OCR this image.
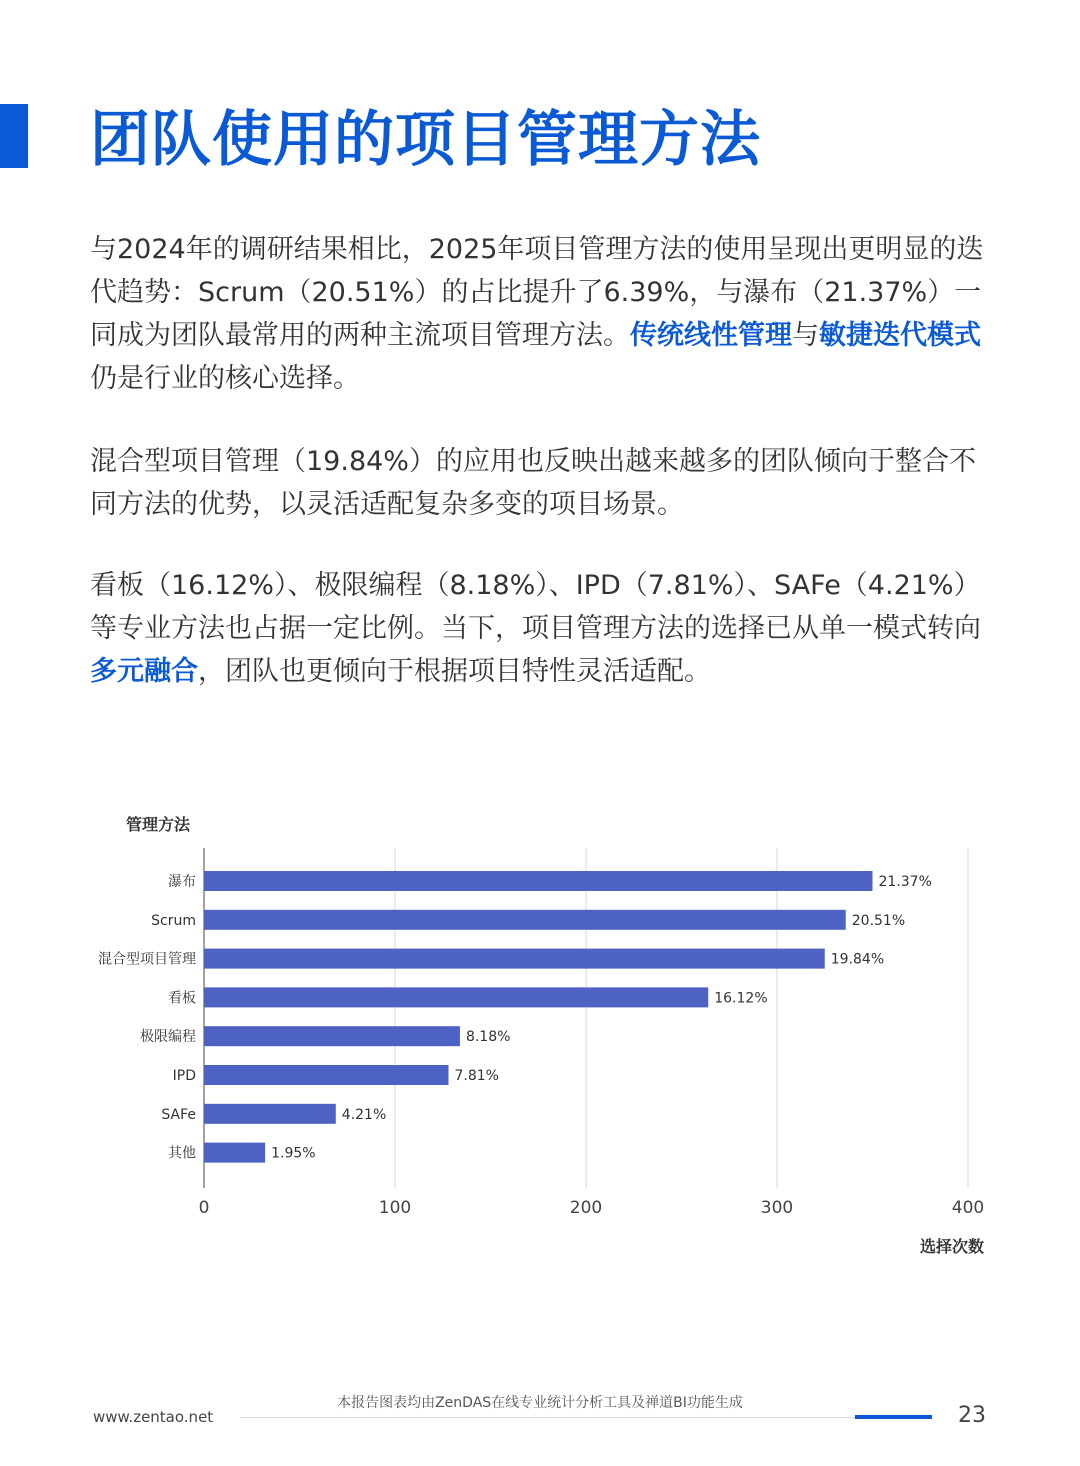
团队使用的项目管理方法

与2024年的调研结果相比，2025年项目管理方法的使用呈现出更明显的迭代趋势：Scrum（20.51%）的占比提升了6.39%，与瀑布（21.37%）一同成为团队最常用的两种主流项目管理方法。传统线性管理与敏捷迭代模式仍是行业的核心选择。

混合型项目管理（19.84%）的应用也反映出越来越多的团队倾向于整合不同方法的优势，以灵活适配复杂多变的项目场景。

看板（16.12%）、极限编程（8.18%）、IPD（7.81%）、SAFe（4.21%）等专业方法也占据一定比例。当下，项目管理方法的选择已从单一模式转向多元融合，团队也更倾向于根据项目特性灵活适配。

0	100	200	300	400
管理方法
选择次数
瀑布	21.37%
Scrum	20.51%
混合型项目管理	19.84%
看板	16.12%
极限编程	8.18%
IPD	7.81%
SAFe	4.21%
其他	1.95%
本报告图表均由ZenDAS在线专业统计分析工具及禅道BI功能生成
www.zentao.net	23
